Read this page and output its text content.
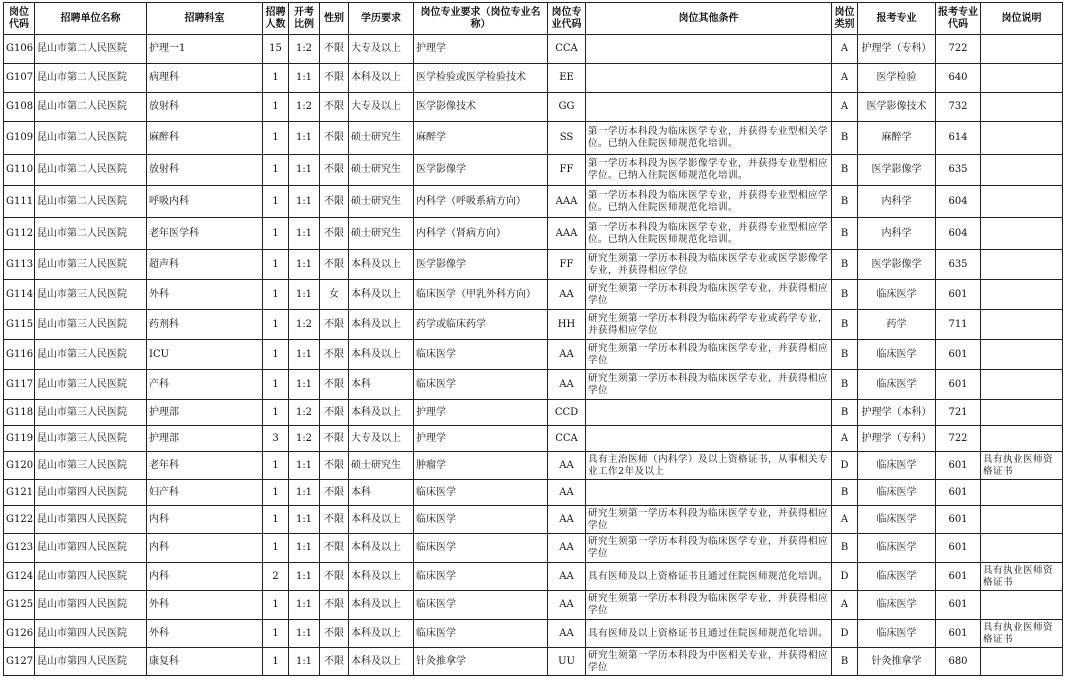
岗位代码	招聘单位名称	招聘科室	招聘人数	开考比例	性别	学历要求	岗位专业要求（岗位专业名称）	岗位专业代码	岗位其他条件	岗位类别	报考专业	报考专业代码	岗位说明
G106	昆山市第二人民医院	护理一1	15	1:2	不限	大专及以上	护理学	CCA		A	护理学（专科）	722	
G107	昆山市第二人民医院	病理科	1	1:1	不限	本科及以上	医学检验或医学检验技术	EE		A	医学检验	640	
G108	昆山市第二人民医院	放射科	1	1:2	不限	大专及以上	医学影像技术	GG		A	医学影像技术	732	
G109	昆山市第二人民医院	麻醉科	1	1:1	不限	硕士研究生	麻醉学	SS	第一学历本科段为临床医学专业，并获得专业型相关学位。已纳入住院医师规范化培训。	B	麻醉学	614	
G110	昆山市第二人民医院	放射科	1	1:1	不限	硕士研究生	医学影像学	FF	第一学历本科段为医学影像学专业，并获得专业型相应学位。已纳入住院医师规范化培训。	B	医学影像学	635	
G111	昆山市第二人民医院	呼吸内科	1	1:1	不限	硕士研究生	内科学（呼吸系病方向）	AAA	第一学历本科段为临床医学专业，并获得专业型相应学位。已纳入住院医师规范化培训。	B	内科学	604	
G112	昆山市第二人民医院	老年医学科	1	1:1	不限	硕士研究生	内科学（肾病方向）	AAA	第一学历本科段为临床医学专业，并获得专业型相应学位。已纳入住院医师规范化培训。	B	内科学	604	
G113	昆山市第三人民医院	超声科	1	1:1	不限	本科及以上	医学影像学	FF	研究生须第一学历本科段为临床医学专业或医学影像学专业，并获得相应学位	B	医学影像学	635	
G114	昆山市第三人民医院	外科	1	1:1	女	本科及以上	临床医学（甲乳外科方向）	AA	研究生须第一学历本科段为临床医学专业，并获得相应学位	B	临床医学	601	
G115	昆山市第三人民医院	药剂科	1	1:2	不限	本科及以上	药学或临床药学	HH	研究生须第一学历本科段为临床药学专业或药学专业，并获得相应学位	B	药学	711	
G116	昆山市第三人民医院	ICU	1	1:1	不限	本科及以上	临床医学	AA	研究生须第一学历本科段为临床医学专业，并获得相应学位	B	临床医学	601	
G117	昆山市第三人民医院	产科	1	1:1	不限	本科	临床医学	AA	研究生须第一学历本科段为临床医学专业，并获得相应学位	B	临床医学	601	
G118	昆山市第三人民医院	护理部	1	1:2	不限	本科及以上	护理学	CCD		B	护理学（本科）	721	
G119	昆山市第三人民医院	护理部	3	1:2	不限	大专及以上	护理学	CCA		A	护理学（专科）	722	
G120	昆山市第三人民医院	老年科	1	1:1	不限	硕士研究生	肿瘤学	AA	具有主治医师（内科学）及以上资格证书，从事相关专业工作2年及以上	D	临床医学	601	具有执业医师资格证书
G121	昆山市第四人民医院	妇产科	1	1:1	不限	本科	临床医学	AA		B	临床医学	601	
G122	昆山市第四人民医院	内科	1	1:1	不限	本科及以上	临床医学	AA	研究生须第一学历本科段为临床医学专业，并获得相应学位	A	临床医学	601	
G123	昆山市第四人民医院	内科	1	1:1	不限	本科及以上	临床医学	AA	研究生须第一学历本科段为临床医学专业，并获得相应学位	B	临床医学	601	
G124	昆山市第四人民医院	内科	2	1:1	不限	本科及以上	临床医学	AA	具有医师及以上资格证书且通过住院医师规范化培训。	D	临床医学	601	具有执业医师资格证书
G125	昆山市第四人民医院	外科	1	1:1	不限	本科及以上	临床医学	AA	研究生须第一学历本科段为临床医学专业，并获得相应学位	A	临床医学	601	
G126	昆山市第四人民医院	外科	1	1:1	不限	本科及以上	临床医学	AA	具有医师及以上资格证书且通过住院医师规范化培训。	D	临床医学	601	具有执业医师资格证书
G127	昆山市第四人民医院	康复科	1	1:1	不限	本科及以上	针灸推拿学	UU	研究生须第一学历本科段为中医相关专业，并获得相应学位	B	针灸推拿学	680	
